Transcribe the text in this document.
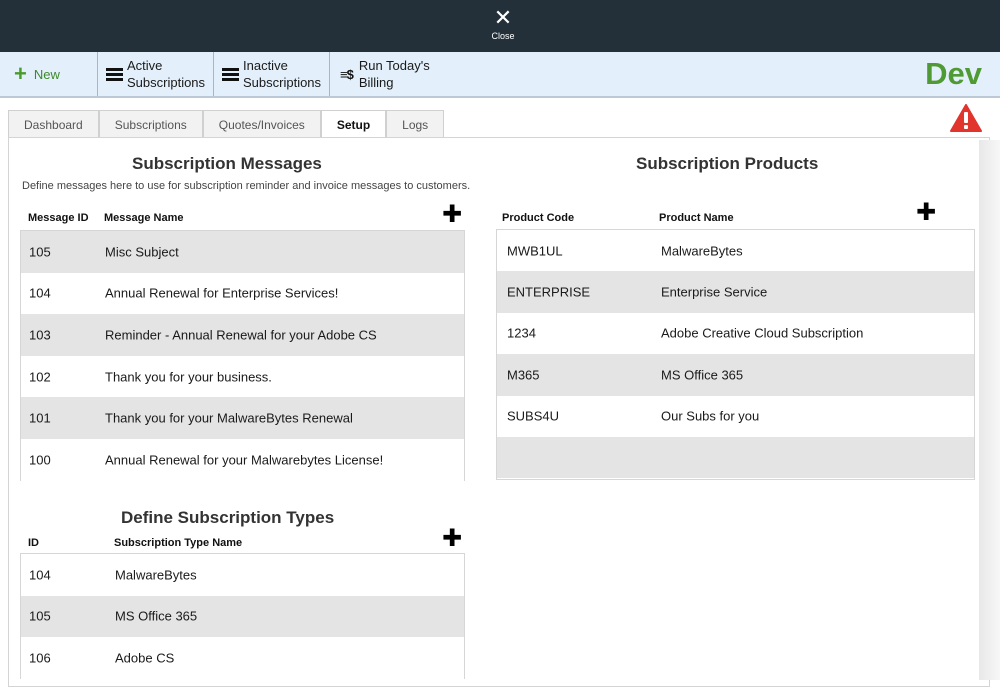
✕
Close
+ New
Active
Subscriptions
Inactive
Subscriptions
≡$
Run Today's
Billing	Dev
Dashboard	Subscriptions	Quotes/Invoices	Setup	Logs
Subscription Messages
Define messages here to use for subscription reminder and invoice messages to customers.
Message ID Message Name	✚
105	Misc Subject
104	Annual Renewal for Enterprise Services!
103	Reminder - Annual Renewal for your Adobe CS
102	Thank you for your business.
101	Thank you for your MalwareBytes Renewal
100	Annual Renewal for your Malwarebytes License!
Define Subscription Types
ID	Subscription Type Name	✚
104	MalwareBytes
105	MS Office 365
106	Adobe CS
Subscription Products
Product Code	Product Name	✚
MWB1UL	MalwareBytes
ENTERPRISE	Enterprise Service
1234	Adobe Creative Cloud Subscription
M365	MS Office 365
SUBS4U	Our Subs for you
